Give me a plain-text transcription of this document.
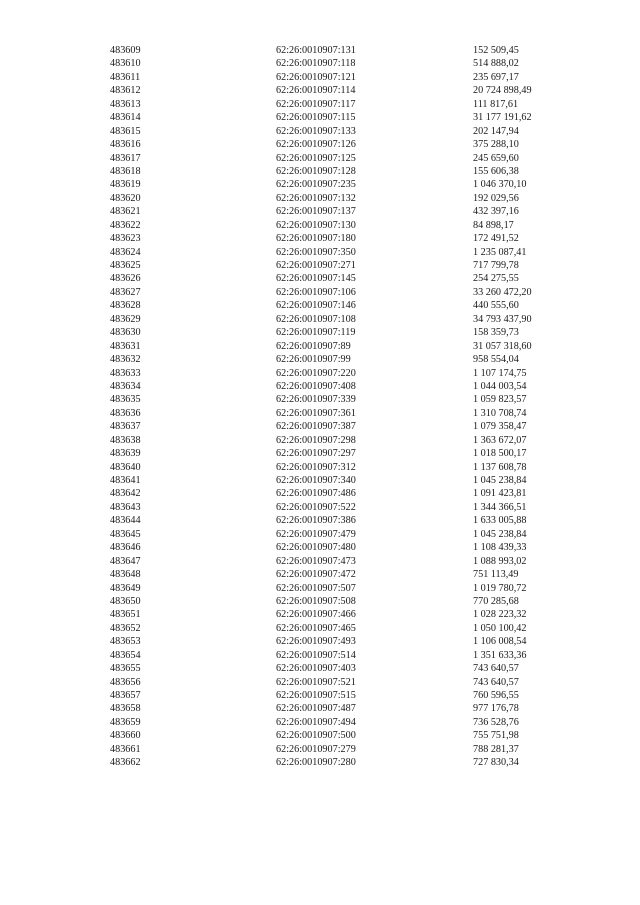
483609	62:26:0010907:131	152 509,45
483610	62:26:0010907:118	514 888,02
483611	62:26:0010907:121	235 697,17
483612	62:26:0010907:114	20 724 898,49
483613	62:26:0010907:117	111 817,61
483614	62:26:0010907:115	31 177 191,62
483615	62:26:0010907:133	202 147,94
483616	62:26:0010907:126	375 288,10
483617	62:26:0010907:125	245 659,60
483618	62:26:0010907:128	155 606,38
483619	62:26:0010907:235	1 046 370,10
483620	62:26:0010907:132	192 029,56
483621	62:26:0010907:137	432 397,16
483622	62:26:0010907:130	84 898,17
483623	62:26:0010907:180	172 491,52
483624	62:26:0010907:350	1 235 087,41
483625	62:26:0010907:271	717 799,78
483626	62:26:0010907:145	254 275,55
483627	62:26:0010907:106	33 260 472,20
483628	62:26:0010907:146	440 555,60
483629	62:26:0010907:108	34 793 437,90
483630	62:26:0010907:119	158 359,73
483631	62:26:0010907:89	31 057 318,60
483632	62:26:0010907:99	958 554,04
483633	62:26:0010907:220	1 107 174,75
483634	62:26:0010907:408	1 044 003,54
483635	62:26:0010907:339	1 059 823,57
483636	62:26:0010907:361	1 310 708,74
483637	62:26:0010907:387	1 079 358,47
483638	62:26:0010907:298	1 363 672,07
483639	62:26:0010907:297	1 018 500,17
483640	62:26:0010907:312	1 137 608,78
483641	62:26:0010907:340	1 045 238,84
483642	62:26:0010907:486	1 091 423,81
483643	62:26:0010907:522	1 344 366,51
483644	62:26:0010907:386	1 633 005,88
483645	62:26:0010907:479	1 045 238,84
483646	62:26:0010907:480	1 108 439,33
483647	62:26:0010907:473	1 088 993,02
483648	62:26:0010907:472	751 113,49
483649	62:26:0010907:507	1 019 780,72
483650	62:26:0010907:508	770 285,68
483651	62:26:0010907:466	1 028 223,32
483652	62:26:0010907:465	1 050 100,42
483653	62:26:0010907:493	1 106 008,54
483654	62:26:0010907:514	1 351 633,36
483655	62:26:0010907:403	743 640,57
483656	62:26:0010907:521	743 640,57
483657	62:26:0010907:515	760 596,55
483658	62:26:0010907:487	977 176,78
483659	62:26:0010907:494	736 528,76
483660	62:26:0010907:500	755 751,98
483661	62:26:0010907:279	788 281,37
483662	62:26:0010907:280	727 830,34
